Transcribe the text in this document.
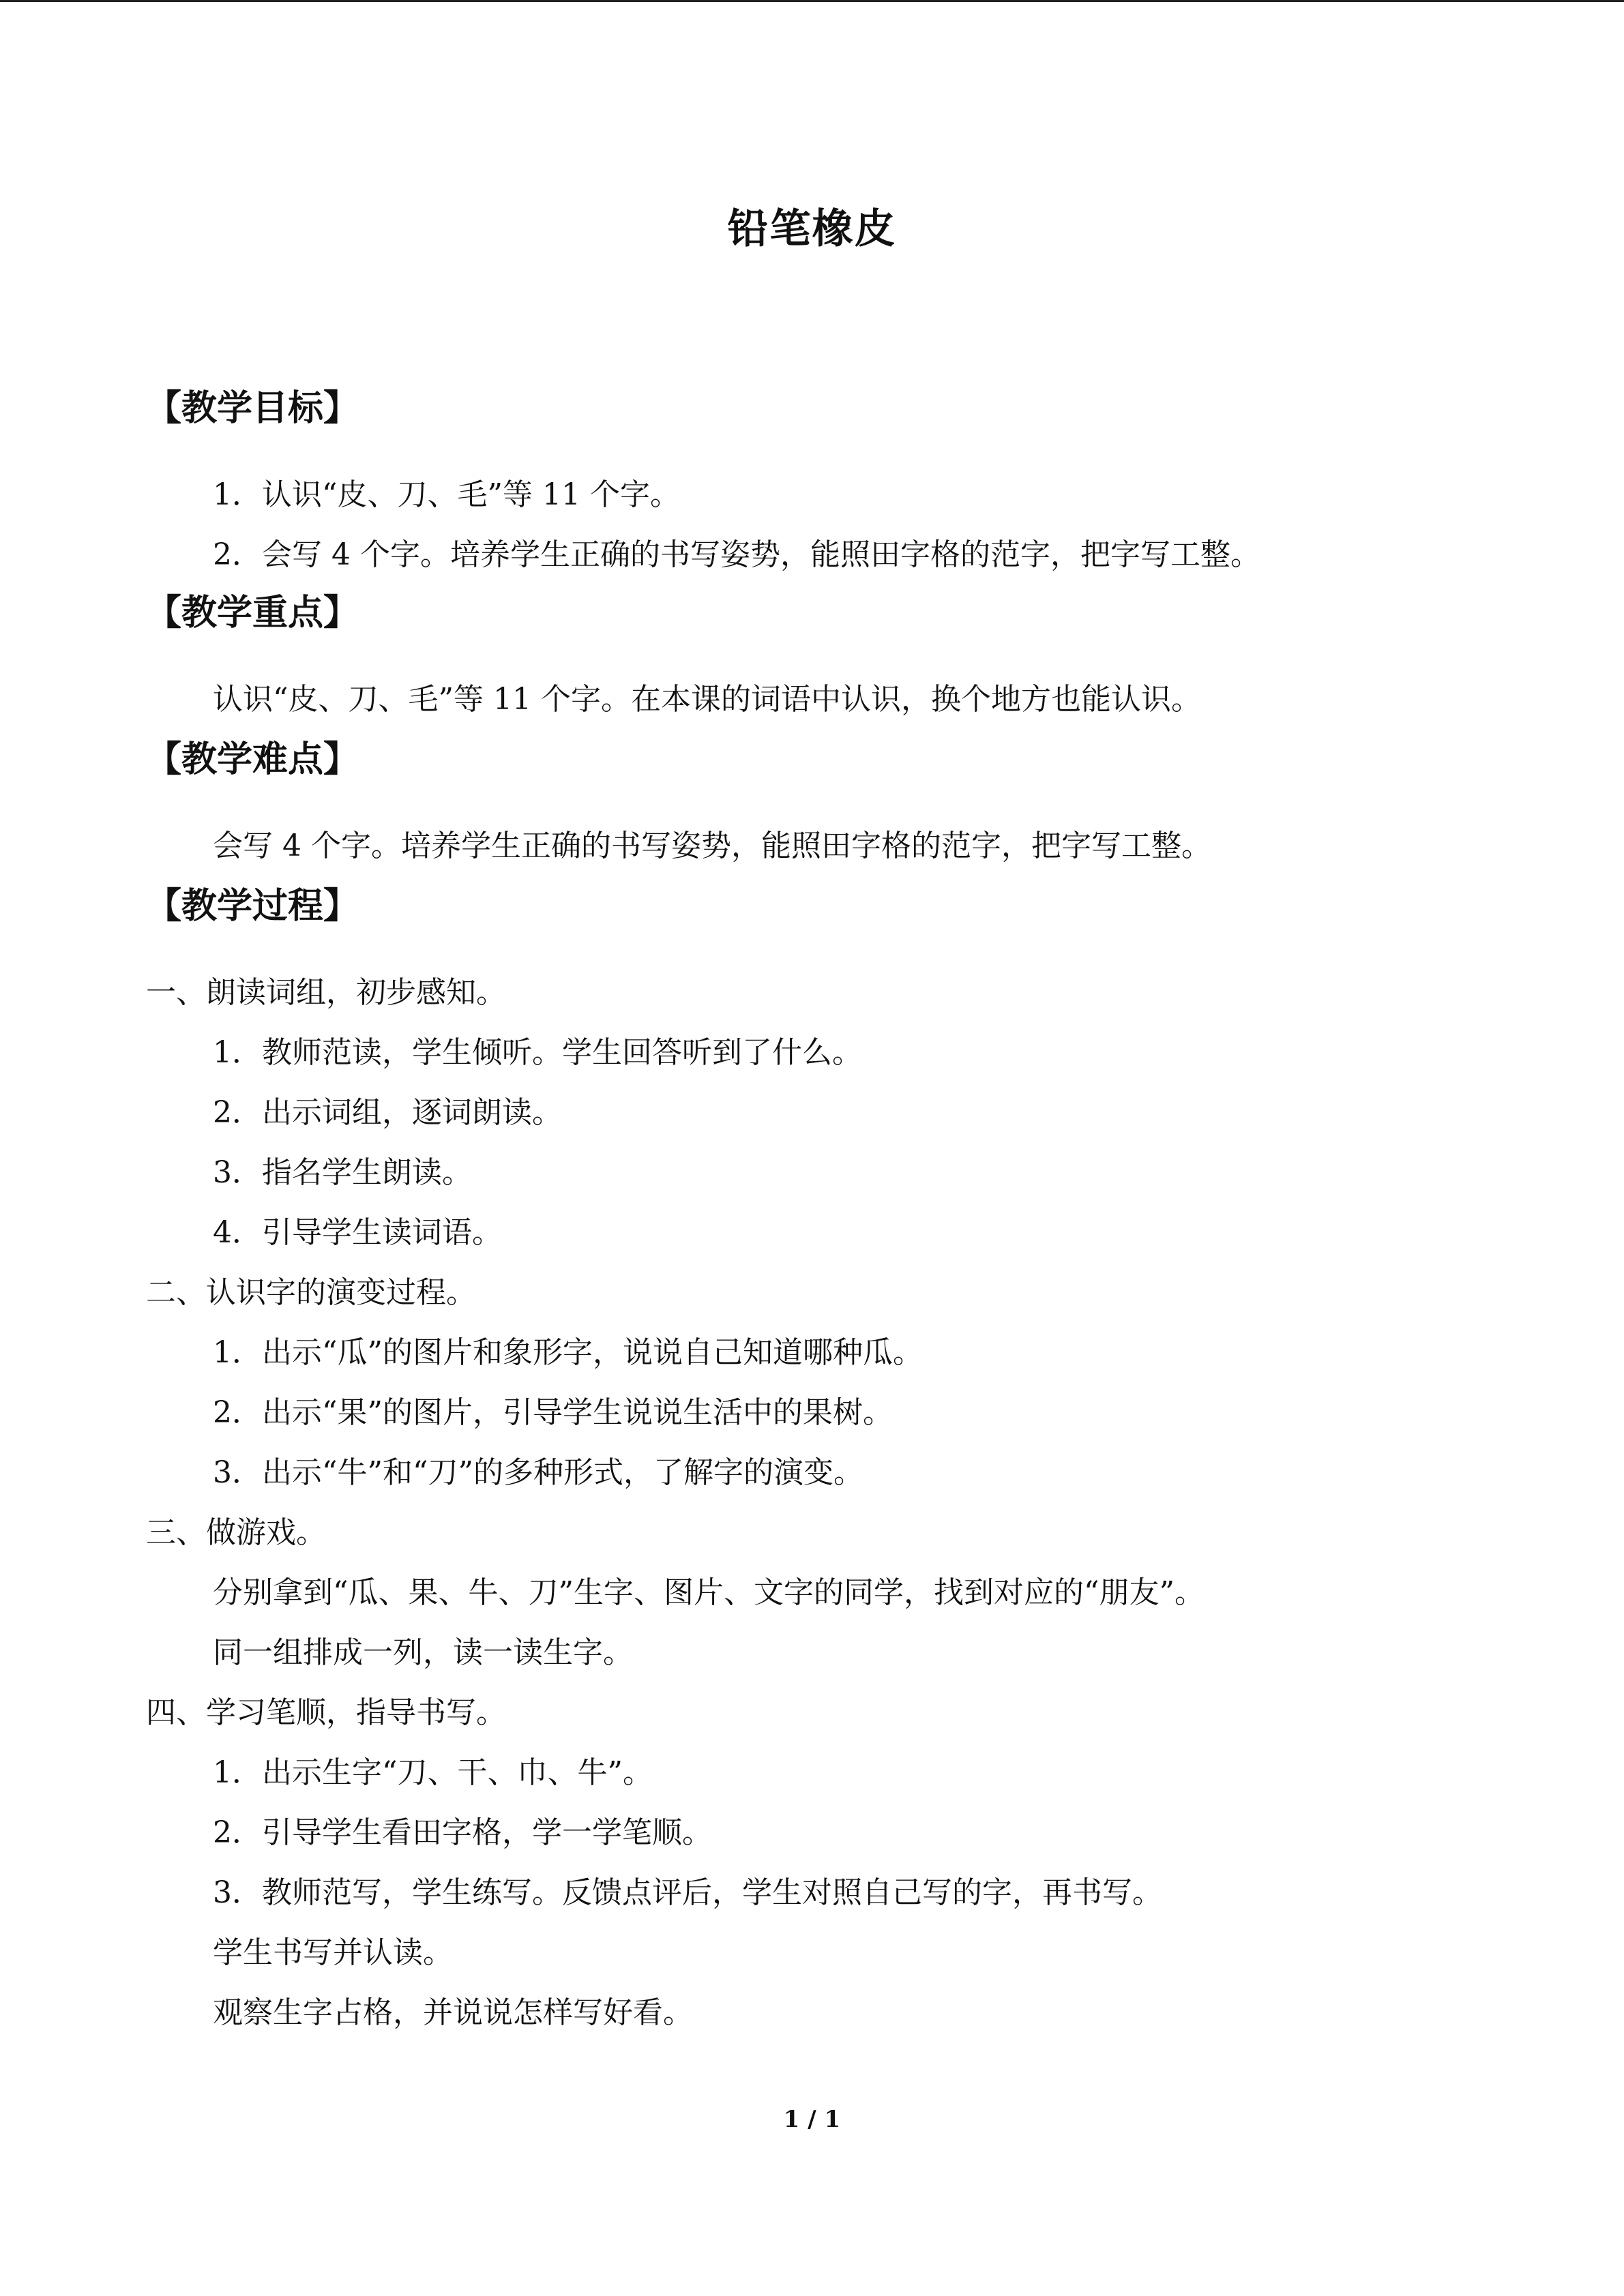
铅笔橡皮
【教学目标】
1．认识“皮、刀、毛”等 11 个字。
2．会写 4 个字。培养学生正确的书写姿势，能照田字格的范字，把字写工整。
【教学重点】
认识“皮、刀、毛”等 11 个字。在本课的词语中认识，换个地方也能认识。
【教学难点】
会写 4 个字。培养学生正确的书写姿势，能照田字格的范字，把字写工整。
【教学过程】
一、朗读词组，初步感知。
1．教师范读，学生倾听。学生回答听到了什么。
2．出示词组，逐词朗读。
3．指名学生朗读。
4．引导学生读词语。
二、认识字的演变过程。
1．出示“瓜”的图片和象形字，说说自己知道哪种瓜。
2．出示“果”的图片，引导学生说说生活中的果树。
3．出示“牛”和“刀”的多种形式，了解字的演变。
三、做游戏。
分别拿到“瓜、果、牛、刀”生字、图片、文字的同学，找到对应的“朋友”。
同一组排成一列，读一读生字。
四、学习笔顺，指导书写。
1．出示生字“刀、干、巾、牛”。
2．引导学生看田字格，学一学笔顺。
3．教师范写，学生练写。反馈点评后，学生对照自己写的字，再书写。
学生书写并认读。
观察生字占格，并说说怎样写好看。
1 / 1
